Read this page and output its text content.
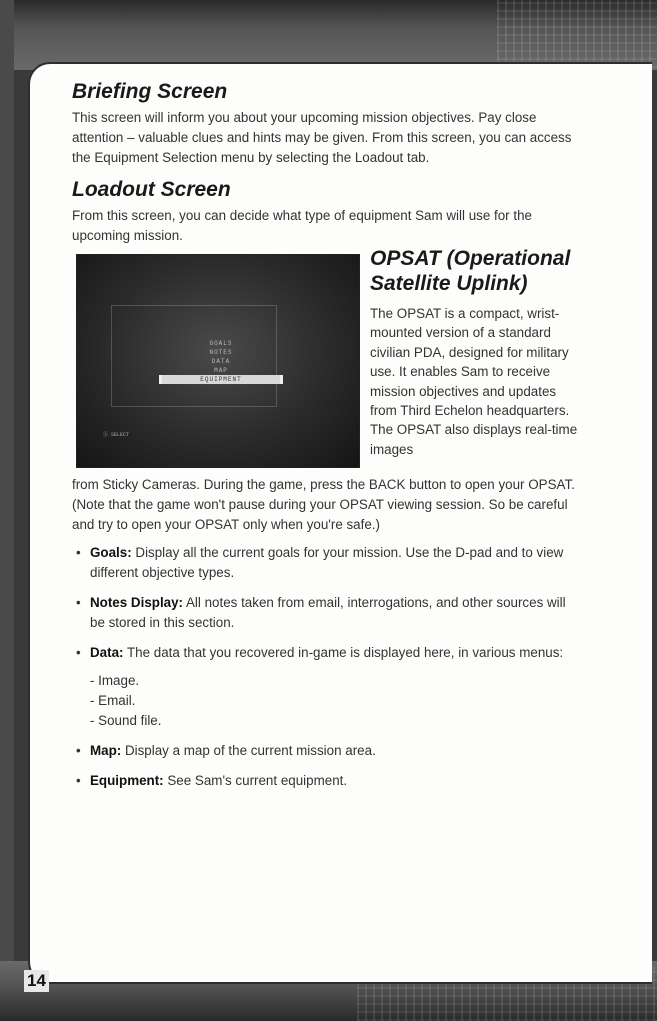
Briefing Screen

This screen will inform you about your upcoming mission objectives. Pay close attention – valuable clues and hints may be given. From this screen, you can access the Equipment Selection menu by selecting the Loadout tab.

Loadout Screen

From this screen, you can decide what type of equipment Sam will use for the upcoming mission.

GOALS
NOTES
DATA
MAP
EQUIPMENT
Ⓐ SELECT
OPSAT (Operational Satellite Uplink)

The OPSAT is a compact, wrist-mounted version of a standard civilian PDA, designed for military use. It enables Sam to receive mission objectives and updates from Third Echelon headquarters. The OPSAT also displays real-time images

from Sticky Cameras. During the game, press the BACK button to open your OPSAT. (Note that the game won't pause during your OPSAT viewing session. So be careful and try to open your OPSAT only when you're safe.)

• Goals: Display all the current goals for your mission. Use the D-pad and to view different objective types.
• Notes Display: All notes taken from email, interrogations, and other sources will be stored in this section.
• Data: The data that you recovered in-game is displayed here, in various menus:
- Image.
- Email.
- Sound file.
• Map: Display a map of the current mission area.
• Equipment: See Sam's current equipment.
14
